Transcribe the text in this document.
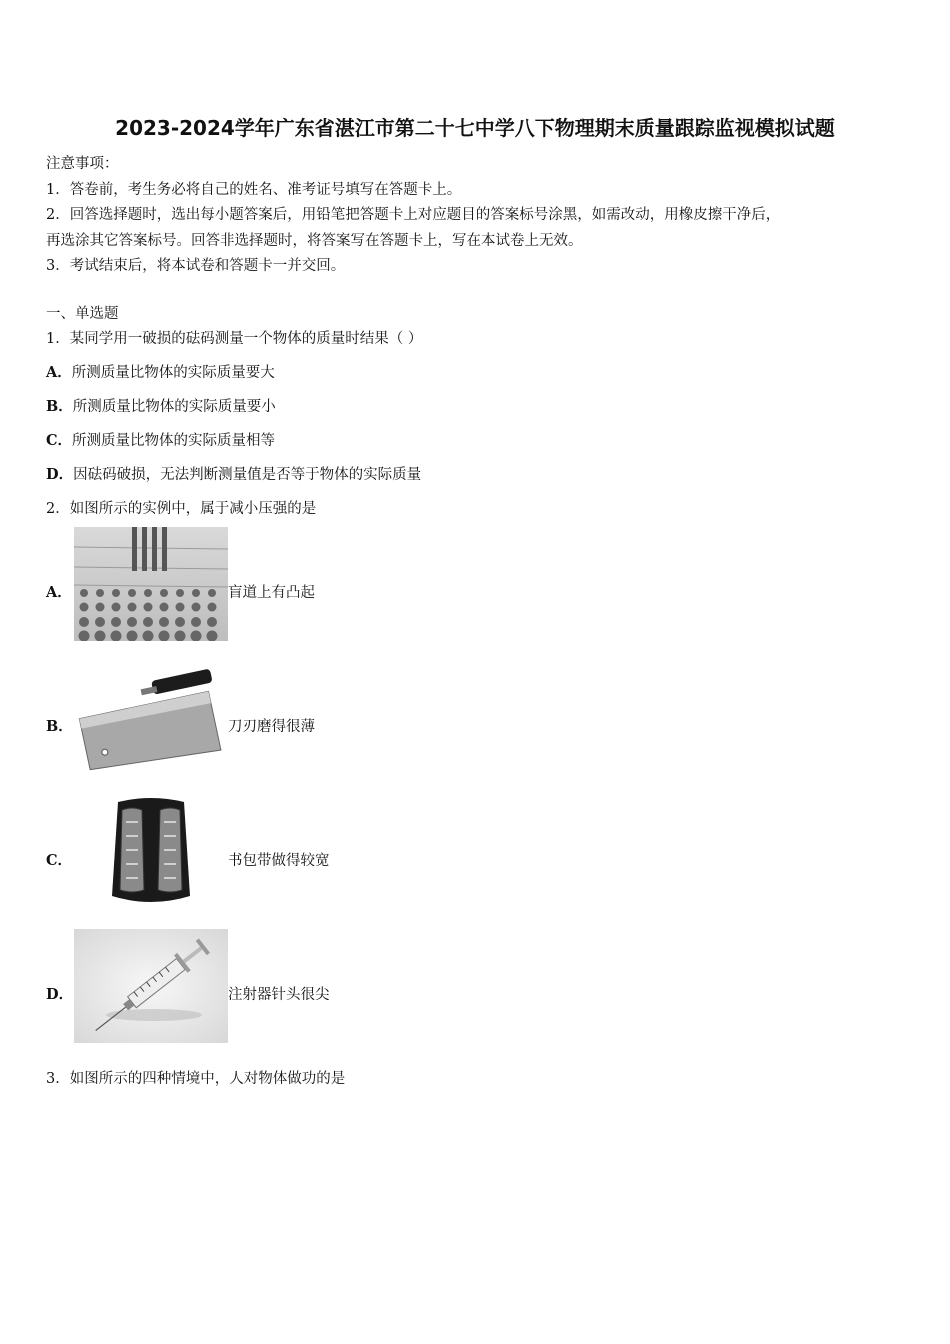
2023-2024学年广东省湛江市第二十七中学八下物理期末质量跟踪监视模拟试题
注意事项：
1．答卷前，考生务必将自己的姓名、准考证号填写在答题卡上。
2．回答选择题时，选出每小题答案后，用铅笔把答题卡上对应题目的答案标号涂黑，如需改动，用橡皮擦干净后，
再选涂其它答案标号。回答非选择题时，将答案写在答题卡上，写在本试卷上无效。
3．考试结束后，将本试卷和答题卡一并交回。
一、单选题
1．某同学用一破损的砝码测量一个物体的质量时结果（ ）
A．所测质量比物体的实际质量要大
B．所测质量比物体的实际质量要小
C．所测质量比物体的实际质量相等
D．因砝码破损，无法判断测量值是否等于物体的实际质量
2．如图所示的实例中，属于减小压强的是
A．	盲道上有凸起
B．	刀刃磨得很薄
C．	书包带做得较宽
D．	注射器针头很尖
3．如图所示的四种情境中，人对物体做功的是
